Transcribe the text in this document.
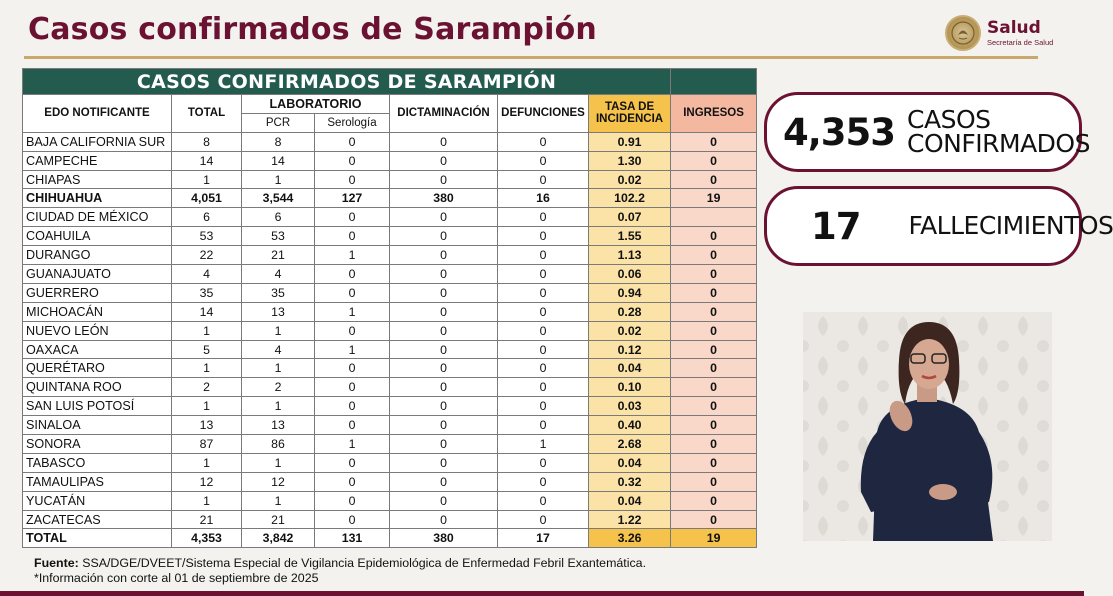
Casos confirmados de Sarampión	Salud
Secretaría de Salud
CASOS CONFIRMADOS DE SARAMPIÓN							
EDO NOTIFICANTE	TOTAL	LABORATORIO		DICTAMINACIÓN	DEFUNCIONES	TASA DE
INCIDENCIA	INGRESOS
		PCR	Serología				
BAJA CALIFORNIA SUR	8	8	0	0	0	0.91	0
CAMPECHE	14	14	0	0	0	1.30	0
CHIAPAS	1	1	0	0	0	0.02	0
CHIHUAHUA	4,051	3,544	127	380	16	102.2	19
CIUDAD DE MÉXICO	6	6	0	0	0	0.07	
COAHUILA	53	53	0	0	0	1.55	0
DURANGO	22	21	1	0	0	1.13	0
GUANAJUATO	4	4	0	0	0	0.06	0
GUERRERO	35	35	0	0	0	0.94	0
MICHOACÁN	14	13	1	0	0	0.28	0
NUEVO LEÓN	1	1	0	0	0	0.02	0
OAXACA	5	4	1	0	0	0.12	0
QUERÉTARO	1	1	0	0	0	0.04	0
QUINTANA ROO	2	2	0	0	0	0.10	0
SAN LUIS POTOSÍ	1	1	0	0	0	0.03	0
SINALOA	13	13	0	0	0	0.40	0
SONORA	87	86	1	0	1	2.68	0
TABASCO	1	1	0	0	0	0.04	0
TAMAULIPAS	12	12	0	0	0	0.32	0
YUCATÁN	1	1	0	0	0	0.04	0
ZACATECAS	21	21	0	0	0	1.22	0
TOTAL	4,353	3,842	131	380	17	3.26	19
4,353 CASOS
CONFIRMADOS
17 FALLECIMIENTOS
Fuente: SSA/DGE/DVEET/Sistema Especial de Vigilancia Epidemiológica de Enfermedad Febril Exantemática.
*Información con corte al 01 de septiembre de 2025
